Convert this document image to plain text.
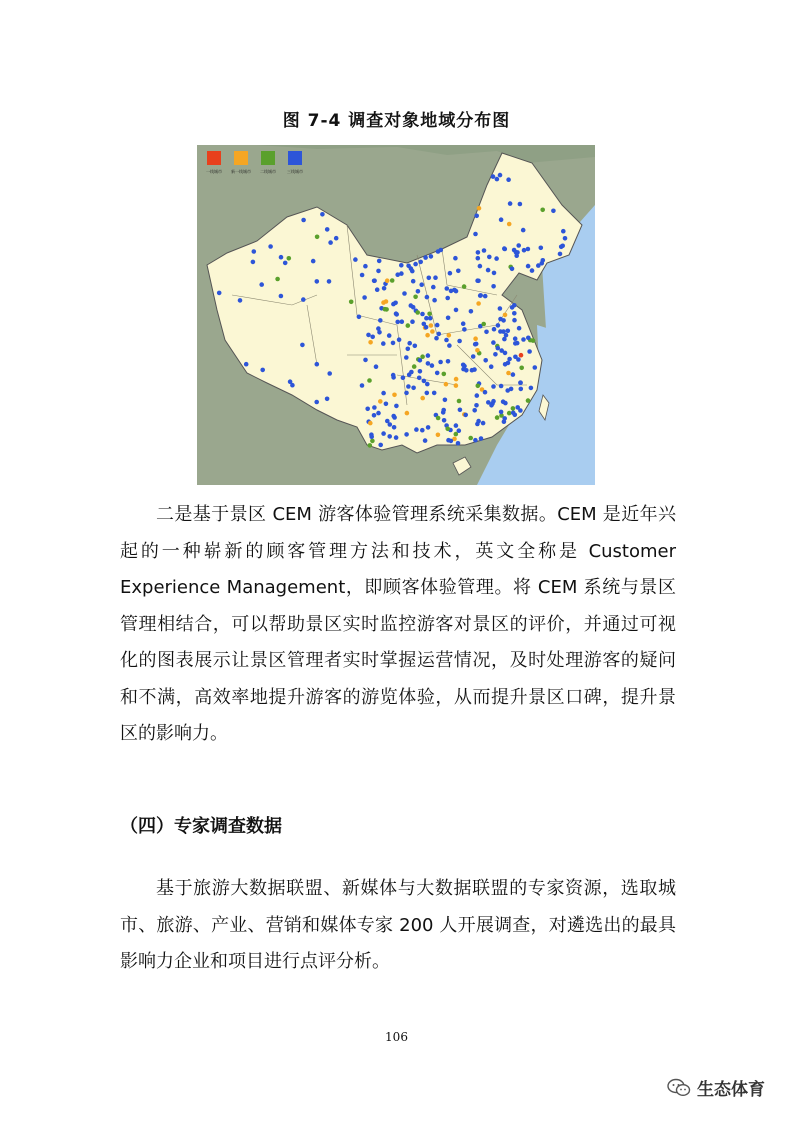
图 7-4 调查对象地域分布图
一线城市 新一线城市 二线城市	三线城市

二是基于景区 CEM 游客体验管理系统采集数据。CEM 是近年兴起的一种崭新的顾客管理方法和技术，英文全称是 Customer Experience Management，即顾客体验管理。将 CEM 系统与景区管理相结合，可以帮助景区实时监控游客对景区的评价，并通过可视化的图表展示让景区管理者实时掌握运营情况，及时处理游客的疑问和不满，高效率地提升游客的游览体验，从而提升景区口碑，提升景区的影响力。

（四）专家调查数据

基于旅游大数据联盟、新媒体与大数据联盟的专家资源，选取城市、旅游、产业、营销和媒体专家 200 人开展调查，对遴选出的最具影响力企业和项目进行点评分析。

106
生态体育
